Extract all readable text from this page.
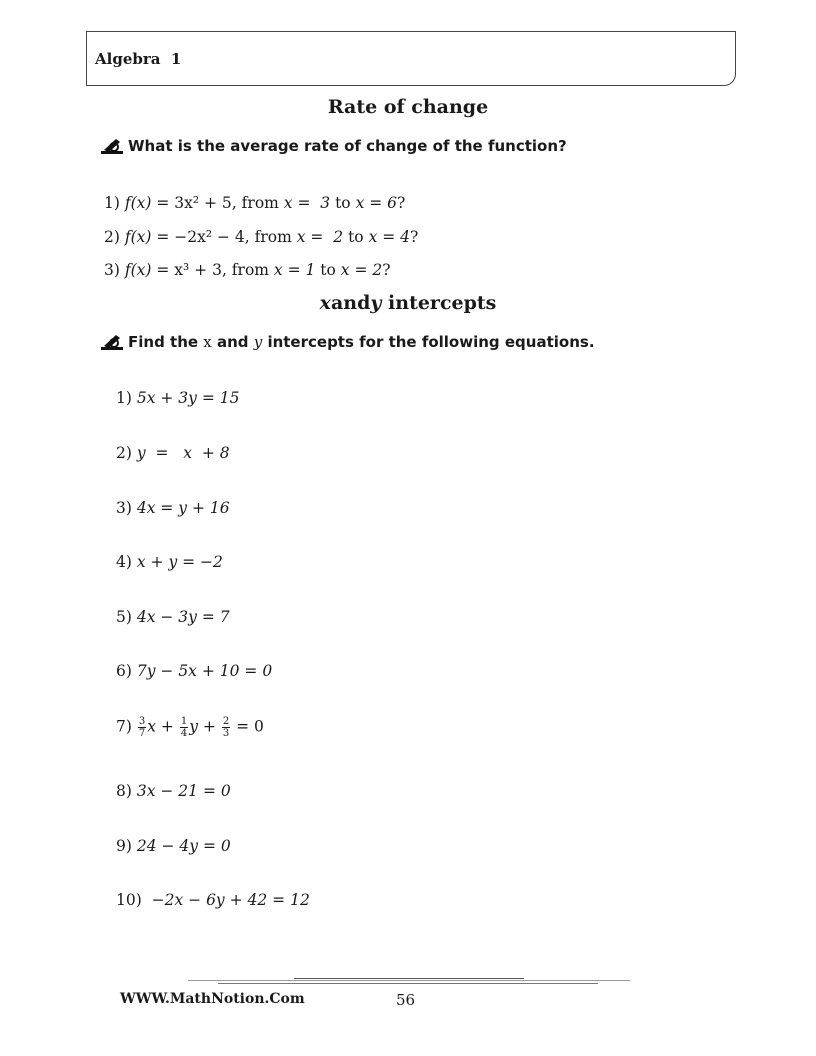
Algebra  1
Rate of change
What is the average rate of change of the function?
1) f(x) = 3x² + 5, from x =  3 to x = 6?
2) f(x) = −2x² − 4, from x =  2 to x = 4?
3) f(x) = x³ + 3, from x = 1 to x = 2?
xandy intercepts
Find the x and y intercepts for the following equations.
1) 5x + 3y = 15
2) y  =   x  + 8
3) 4x = y + 16
4) x + y = −2
5) 4x − 3y = 7
6) 7y − 5x + 10 = 0
$7) \frac{3}{7}$ $x + \frac{1}{4}$ $y + \frac{2}{3} = 0$
8) 3x − 21 = 0
9) 24 − 4y = 0
10) −2x − 6y + 42 = 12
WWW.MathNotion.Com	56
